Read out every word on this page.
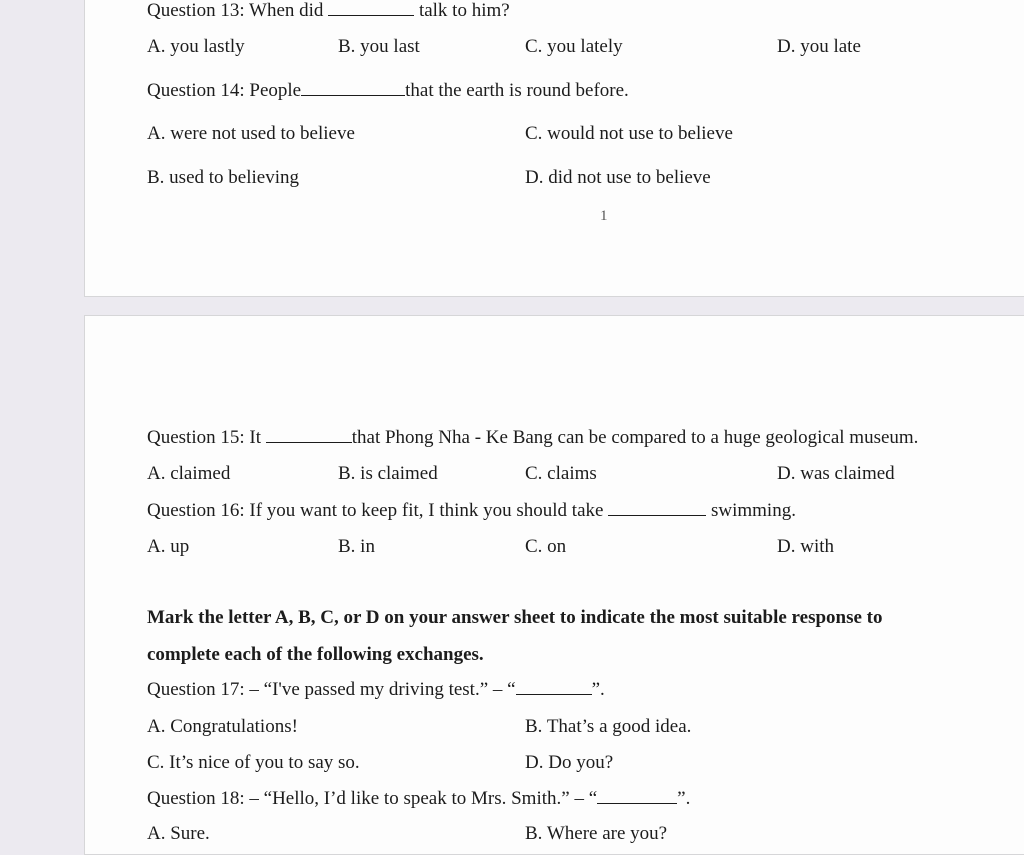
Question 13: When did	talk to him?
A. you lastly	B. you last	C. you lately	D. you late
Question 14: People	that the earth is round before.
A. were not used to believe	C. would not use to believe
B. used to believing	D. did not use to believe
1
Question 15: It	that Phong Nha - Ke Bang can be compared to a huge geological museum.
A. claimed	B. is claimed	C. claims	D. was claimed
Question 16: If you want to keep fit, I think you should take	swimming.
A. up	B. in	C. on	D. with
Mark the letter A, B, C, or D on your answer sheet to indicate the most suitable response to
complete each of the following exchanges.
Question 17: – “I've passed my driving test.” – “	”.
A. Congratulations!	B. That’s a good idea.
C. It’s nice of you to say so.	D. Do you?
Question 18: – “Hello, I’d like to speak to Mrs. Smith.” – “	”.
A. Sure.	B. Where are you?
